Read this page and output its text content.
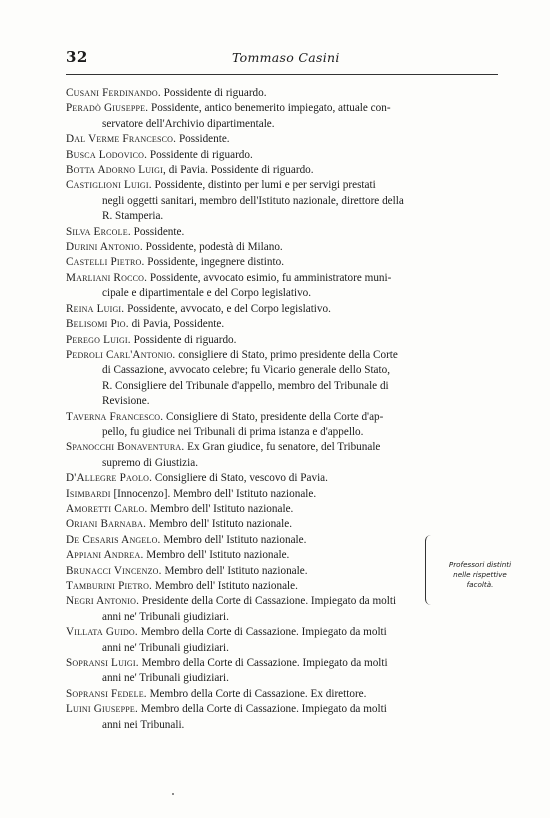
32	Tommaso Casini
Cusani Ferdinando. Possidente di riguardo.
Peradò Giuseppe. Possidente, antico benemerito impiegato, attuale con-
servatore dell'Archivio dipartimentale.
Dal Verme Francesco. Possidente.
Busca Lodovico. Possidente di riguardo.
Botta Adorno Luigi, di Pavia. Possidente di riguardo.
Castiglioni Luigi. Possidente, distinto per lumi e per servigi prestati
negli oggetti sanitari, membro dell'Istituto nazionale, direttore della
R. Stamperia.
Silva Ercole. Possidente.
Durini Antonio. Possidente, podestà di Milano.
Castelli Pietro. Possidente, ingegnere distinto.
Marliani Rocco. Possidente, avvocato esimio, fu amministratore muni-
cipale e dipartimentale e del Corpo legislativo.
Reina Luigi. Possidente, avvocato, e del Corpo legislativo.
Belisomi Pio. di Pavia, Possidente.
Perego Luigi. Possidente di riguardo.
Pedroli Carl'Antonio. consigliere di Stato, primo presidente della Corte
di Cassazione, avvocato celebre; fu Vicario generale dello Stato,
R. Consigliere del Tribunale d'appello, membro del Tribunale di
Revisione.
Taverna Francesco. Consigliere di Stato, presidente della Corte d'ap-
pello, fu giudice nei Tribunali di prima istanza e d'appello.
Spanocchi Bonaventura. Ex Gran giudice, fu senatore, del Tribunale
supremo di Giustizia.
D'Allegre Paolo. Consigliere di Stato, vescovo di Pavia.
Isimbardi [Innocenzo]. Membro dell' Istituto nazionale.
Amoretti Carlo. Membro dell' Istituto nazionale.
Oriani Barnaba. Membro dell' Istituto nazionale.
De Cesaris Angelo. Membro dell' Istituto nazionale.
Appiani Andrea. Membro dell' Istituto nazionale.
Brunacci Vincenzo. Membro dell' Istituto nazionale.
Tamburini Pietro. Membro dell' Istituto nazionale.
Negri Antonio. Presidente della Corte di Cassazione. Impiegato da molti
anni ne' Tribunali giudiziari.
Villata Guido. Membro della Corte di Cassazione. Impiegato da molti
anni ne' Tribunali giudiziari.
Sopransi Luigi. Membro della Corte di Cassazione. Impiegato da molti
anni ne' Tribunali giudiziari.
Sopransi Fedele. Membro della Corte di Cassazione. Ex direttore.
Luini Giuseppe. Membro della Corte di Cassazione. Impiegato da molti
anni nei Tribunali.
Professori distinti
nelle rispettive
facoltà.
